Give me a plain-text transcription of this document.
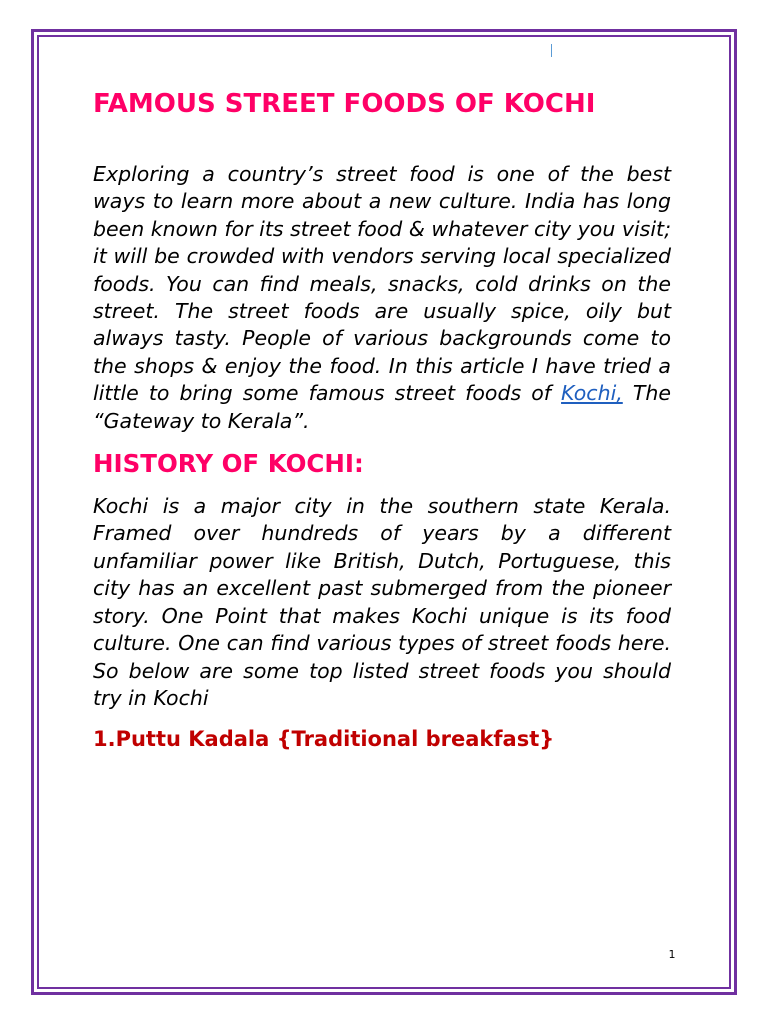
FAMOUS STREET FOODS OF KOCHI

Exploring a country’s street food is one of the best ways to learn more about a new culture. India has long been known for its street food & whatever city you visit; it will be crowded with vendors serving local specialized foods. You can find meals, snacks, cold drinks on the street. The street foods are usually spice, oily but always tasty. People of various backgrounds come to the shops & enjoy the food. In this article I have tried a little to bring some famous street foods of Kochi, The “Gateway to Kerala”.

HISTORY OF KOCHI:

Kochi is a major city in the southern state Kerala. Framed over hundreds of years by a different unfamiliar power like British, Dutch, Portuguese, this city has an excellent past submerged from the pioneer story. One Point that makes Kochi unique is its food culture. One can find various types of street foods here. So below are some top listed street foods you should try in Kochi

1.Puttu Kadala {Traditional breakfast}
1
